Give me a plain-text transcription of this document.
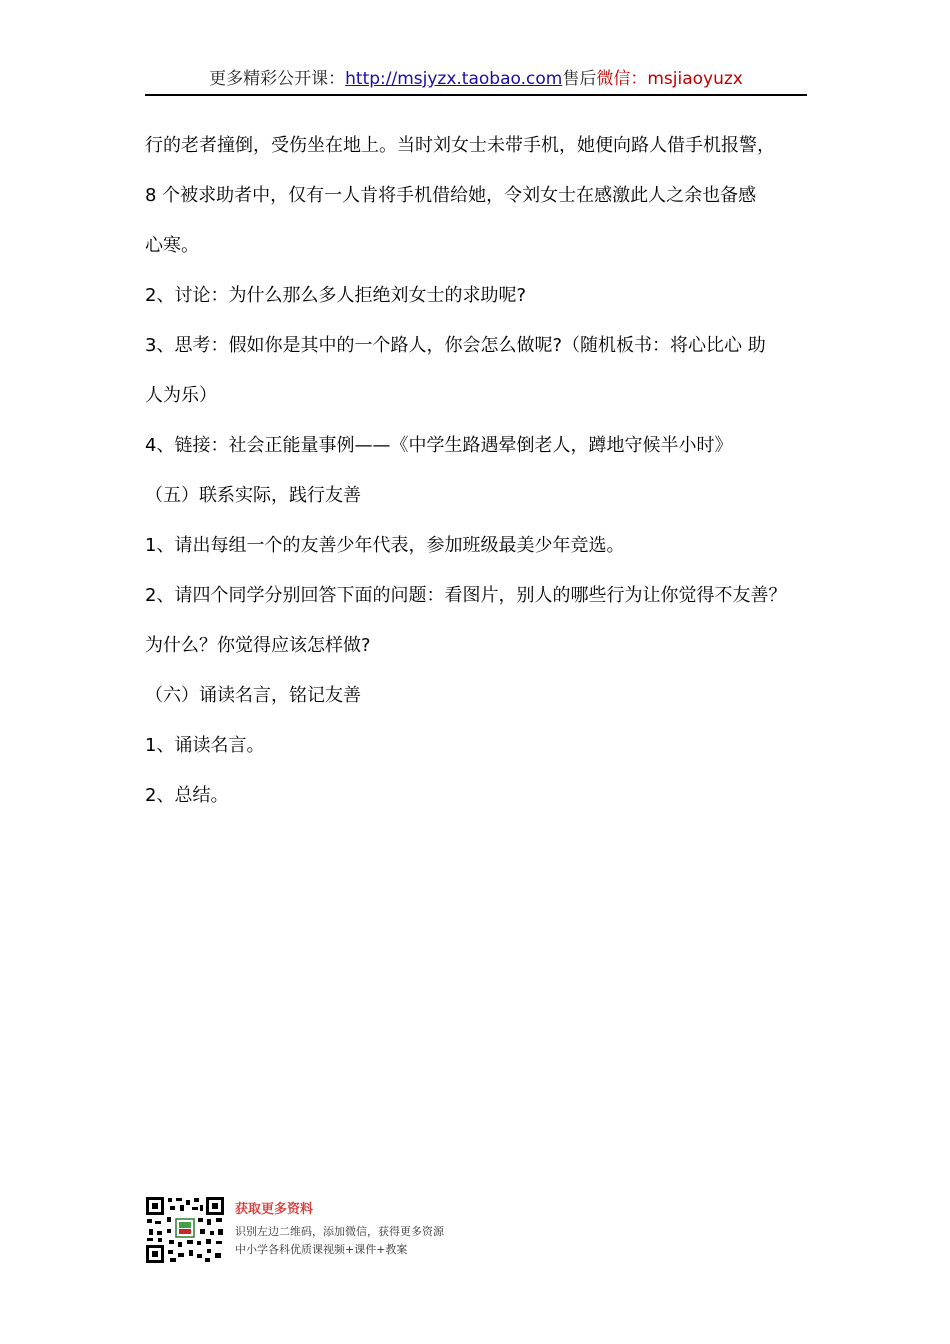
更多精彩公开课：http://msjyzx.taobao.com售后微信：msjiaoyuzx
行的老者撞倒，受伤坐在地上。当时刘女士未带手机，她便向路人借手机报警，
8 个被求助者中，仅有一人肯将手机借给她，令刘女士在感激此人之余也备感
心寒。
2、讨论：为什么那么多人拒绝刘女士的求助呢?
3、思考：假如你是其中的一个路人，你会怎么做呢?（随机板书：将心比心 助
人为乐）
4、链接：社会正能量事例——《中学生路遇晕倒老人，蹲地守候半小时》
（五）联系实际，践行友善
1、请出每组一个的友善少年代表，参加班级最美少年竞选。
2、请四个同学分别回答下面的问题：看图片，别人的哪些行为让你觉得不友善？
为什么？你觉得应该怎样做?
（六）诵读名言，铭记友善
1、诵读名言。
2、总结。
获取更多资料
识别左边二维码，添加微信，获得更多资源
中小学各科优质课视频+课件+教案
